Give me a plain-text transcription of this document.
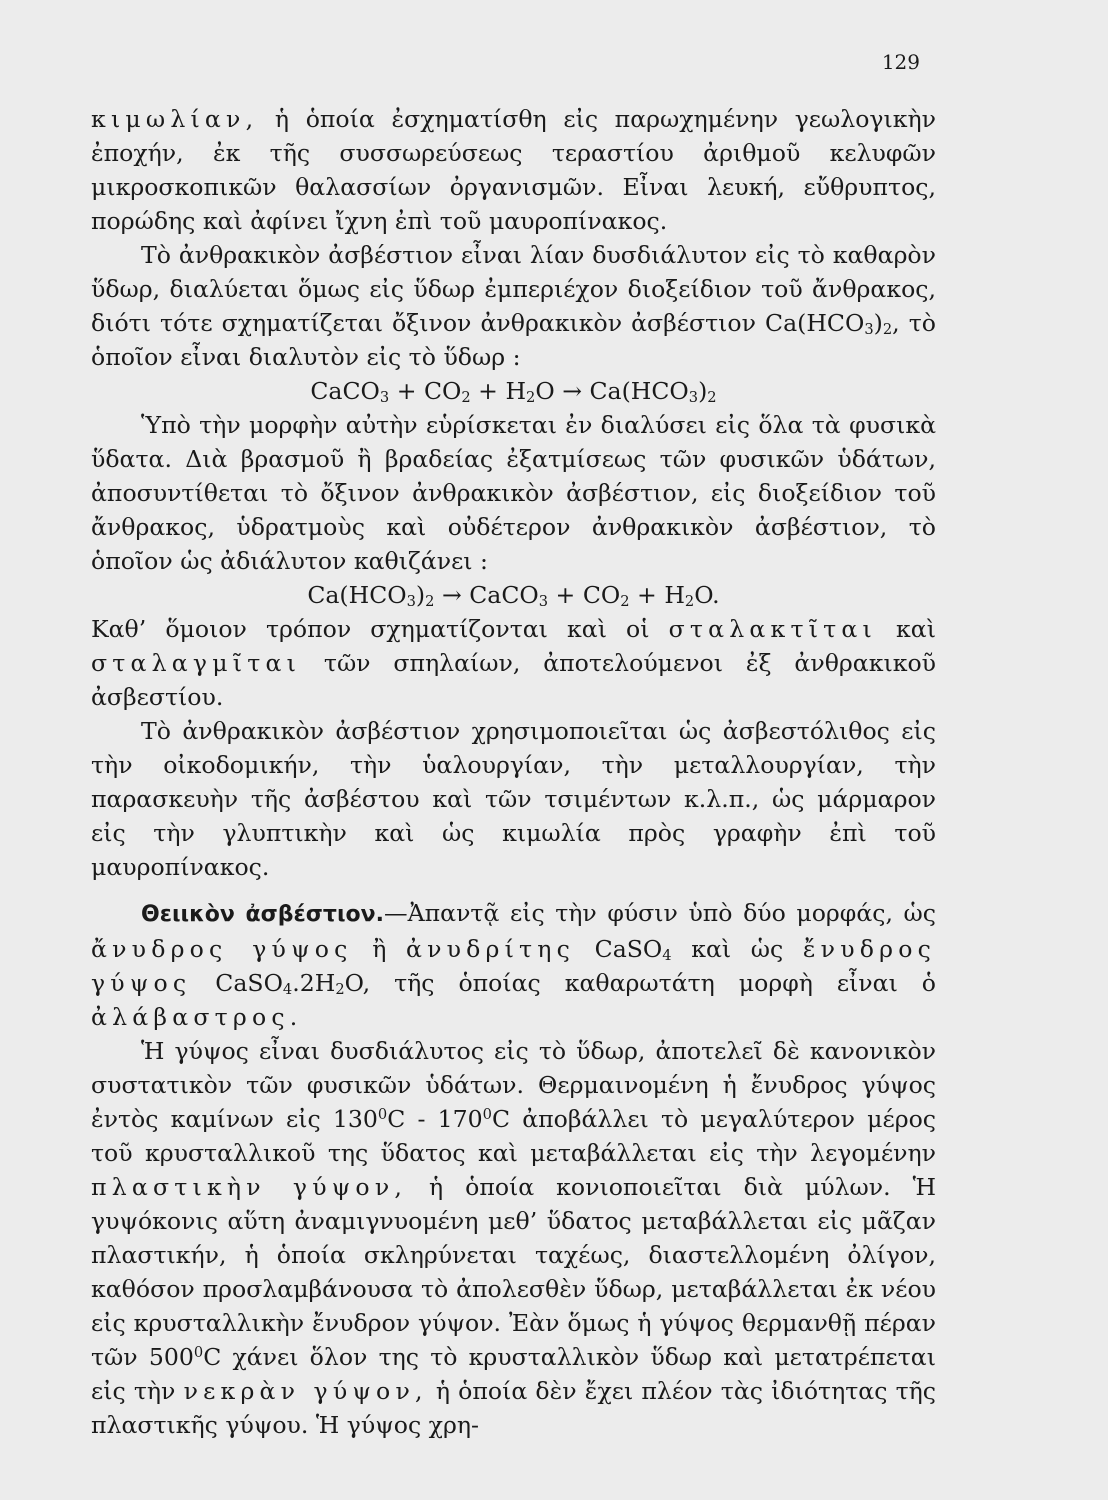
129

κιμωλίαν, ἡ ὁποία ἐσχηματίσθη εἰς παρωχημένην γεωλογικὴν ἐποχήν, ἐκ τῆς συσσωρεύσεως τεραστίου ἀριθμοῦ κελυφῶν μικροσκοπικῶν θαλασσίων ὀργανισμῶν. Εἶναι λευκή, εὔθρυπτος, πορώδης καὶ ἀφίνει ἴχνη ἐπὶ τοῦ μαυροπίνακος.

Τὸ ἀνθρακικὸν ἀσβέστιον εἶναι λίαν δυσδιάλυτον εἰς τὸ καθαρὸν ὕδωρ, διαλύεται ὅμως εἰς ὕδωρ ἐμπεριέχον διοξείδιον τοῦ ἄνθρακος, διότι τότε σχηματίζεται ὄξινον ἀνθρακικὸν ἀσβέστιον $Ca(HCO_3)_2$, τὸ ὁποῖον εἶναι διαλυτὸν εἰς τὸ ὕδωρ :

CaCO$_3$ + $CO_2 + H_2O \to Ca(HCO_3)_2$

Ὑπὸ τὴν μορφὴν αὐτὴν εὑρίσκεται ἐν διαλύσει εἰς ὅλα τὰ φυσικὰ ὕδατα. Διὰ βρασμοῦ ἢ βραδείας ἐξατμίσεως τῶν φυσικῶν ὑδάτων, ἀποσυντίθεται τὸ ὄξινον ἀνθρακικὸν ἀσβέστιον, εἰς διοξείδιον τοῦ ἄνθρακος, ὑδρατμοὺς καὶ οὐδέτερον ἀνθρακικὸν ἀσβέστιον, τὸ ὁποῖον ὡς ἀδιάλυτον καθιζάνει :

$Ca(HCO_3)_2$ → CaCO$_3$ + $CO_2 + H_2O$.

Καθ’ ὅμοιον τρόπον σχηματίζονται καὶ οἱ σταλακτῖται καὶ σταλαγμῖται τῶν σπηλαίων, ἀποτελούμενοι ἐξ ἀνθρακικοῦ ἀσβεστίου.

Τὸ ἀνθρακικὸν ἀσβέστιον χρησιμοποιεῖται ὡς ἀσβεστόλιθος εἰς τὴν οἰκοδομικήν, τὴν ὑαλουργίαν, τὴν μεταλλουργίαν, τὴν παρασκευὴν τῆς ἀσβέστου καὶ τῶν τσιμέντων κ.λ.π., ὡς μάρμαρον εἰς τὴν γλυπτικὴν καὶ ὡς κιμωλία πρὸς γραφὴν ἐπὶ τοῦ μαυροπίνακος.

Θειικὸν ἀσβέστιον.—Ἀπαντᾷ εἰς τὴν φύσιν ὑπὸ δύο μορφάς, ὡς ἄνυδρος γύψος ἢ ἀνυδρίτης CaSO$_4$ καὶ ὡς ἔνυδρος γύψος $CaSO_4.2H_2O$, τῆς ὁποίας καθαρωτάτη μορφὴ εἶναι ὁ ἀλάβαστρος.

Ἡ γύψος εἶναι δυσδιάλυτος εἰς τὸ ὕδωρ, ἀποτελεῖ δὲ κανονικὸν συστατικὸν τῶν φυσικῶν ὑδάτων. Θερμαινομένη ἡ ἔνυδρος γύψος ἐντὸς καμίνων εἰς $130^0C - 170^0C$ ἀποβάλλει τὸ μεγαλύτερον μέρος τοῦ κρυσταλλικοῦ της ὕδατος καὶ μεταβάλλεται εἰς τὴν λεγομένην πλαστικὴν γύψον, ἡ ὁποία κονιοποιεῖται διὰ μύλων. Ἡ γυψόκονις αὕτη ἀναμιγνυομένη μεθ’ ὕδατος μεταβάλλεται εἰς μᾶζαν πλαστικήν, ἡ ὁποία σκληρύνεται ταχέως, διαστελλομένη ὀλίγον, καθόσον προσλαμβάνουσα τὸ ἀπολεσθὲν ὕδωρ, μεταβάλλεται ἐκ νέου εἰς κρυσταλλικὴν ἔνυδρον γύψον. Ἐὰν ὅμως ἡ γύψος θερμανθῇ πέραν τῶν $500^0C$ χάνει ὅλον της τὸ κρυσταλλικὸν ὕδωρ καὶ μετατρέπεται εἰς τὴν νεκρὰν γύψον, ἡ ὁποία δὲν ἔχει πλέον τὰς ἰδιότητας τῆς πλαστικῆς γύψου. Ἡ γύψος χρη-
